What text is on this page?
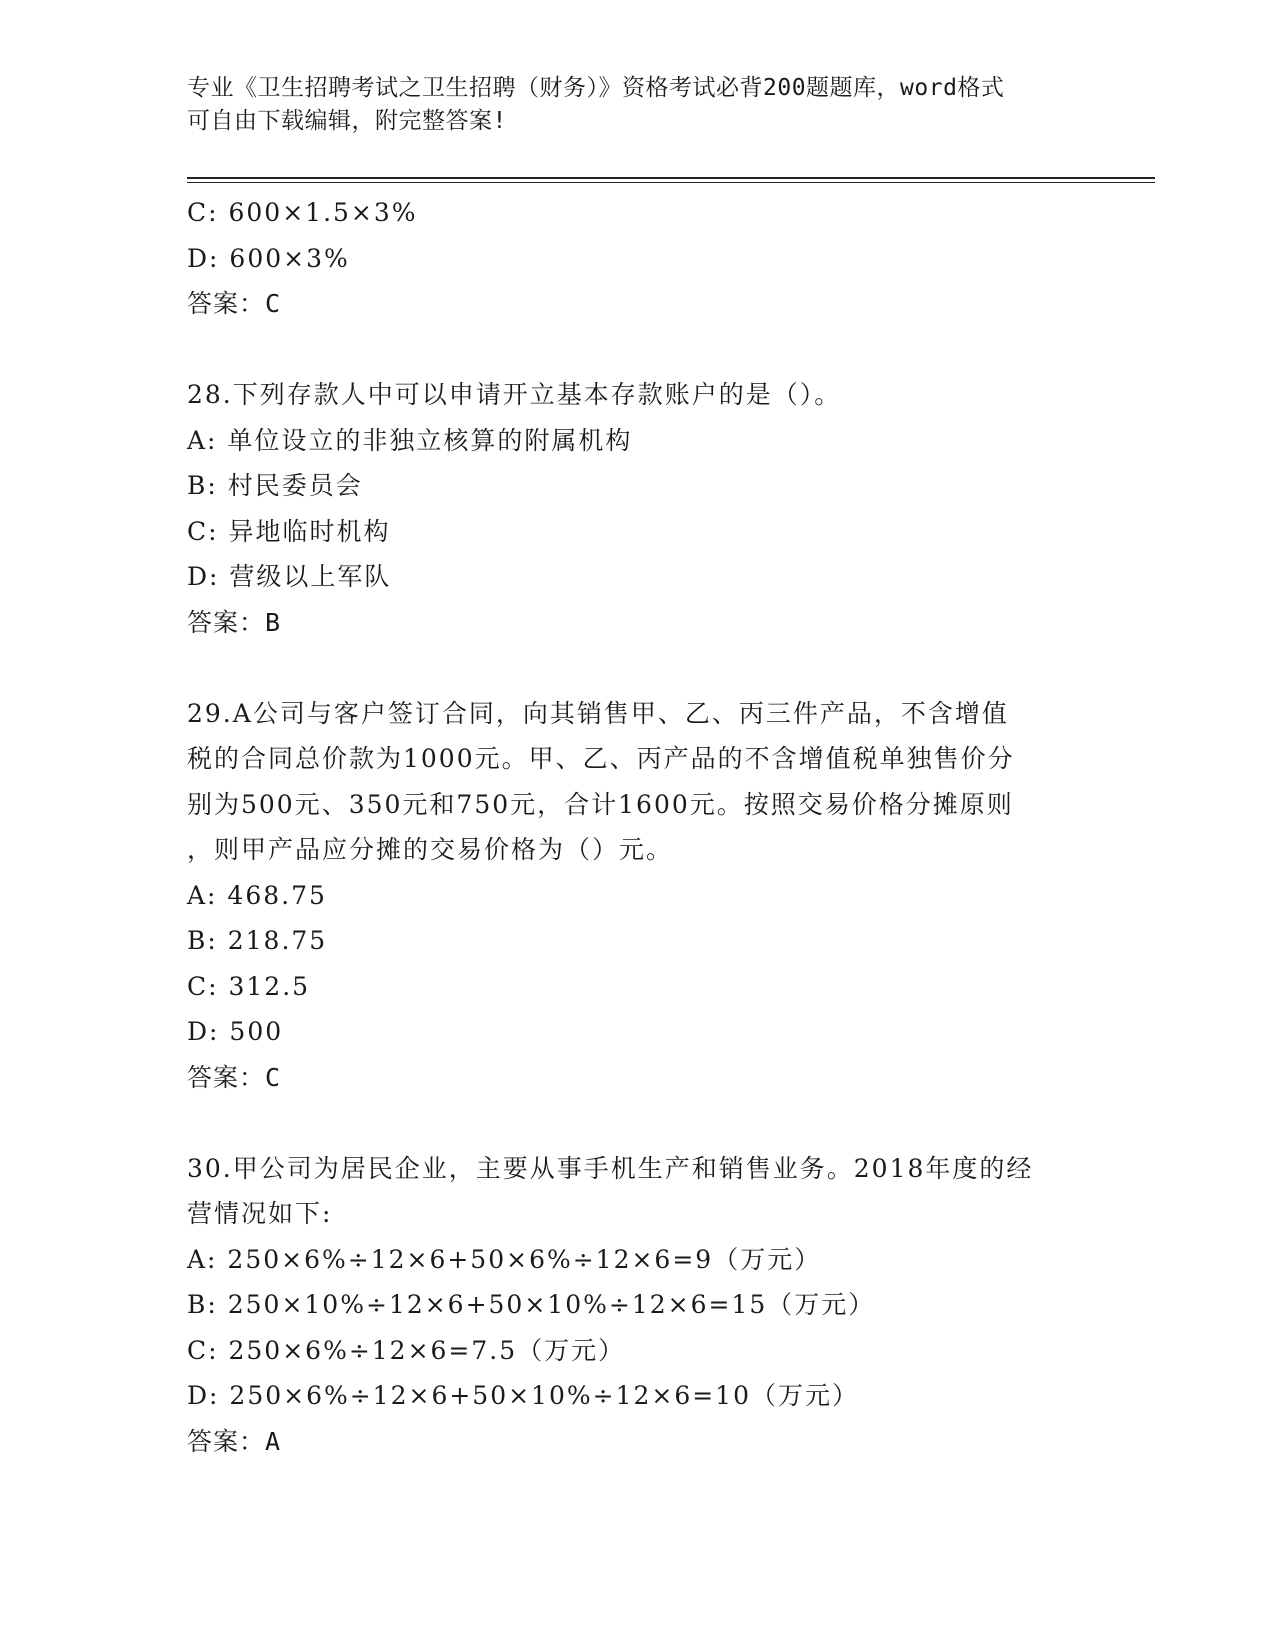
专业《卫生招聘考试之卫生招聘（财务）》资格考试必背200题题库，word格式
可自由下载编辑，附完整答案!
C: 600×1.5×3%
D: 600×3%
答案：C
28.下列存款人中可以申请开立基本存款账户的是（）。
A: 单位设立的非独立核算的附属机构
B: 村民委员会
C: 异地临时机构
D: 营级以上军队
答案：B
29.A公司与客户签订合同，向其销售甲、乙、丙三件产品，不含增值
税的合同总价款为1000元。甲、乙、丙产品的不含增值税单独售价分
别为500元、350元和750元，合计1600元。按照交易价格分摊原则
，则甲产品应分摊的交易价格为（）元。
A: 468.75
B: 218.75
C: 312.5
D: 500
答案：C
30.甲公司为居民企业，主要从事手机生产和销售业务。2018年度的经
营情况如下:
A: 250×6%÷12×6+50×6%÷12×6=9（万元）
B: 250×10%÷12×6+50×10%÷12×6=15（万元）
C: 250×6%÷12×6=7.5（万元）
D: 250×6%÷12×6+50×10%÷12×6=10（万元）
答案：A
